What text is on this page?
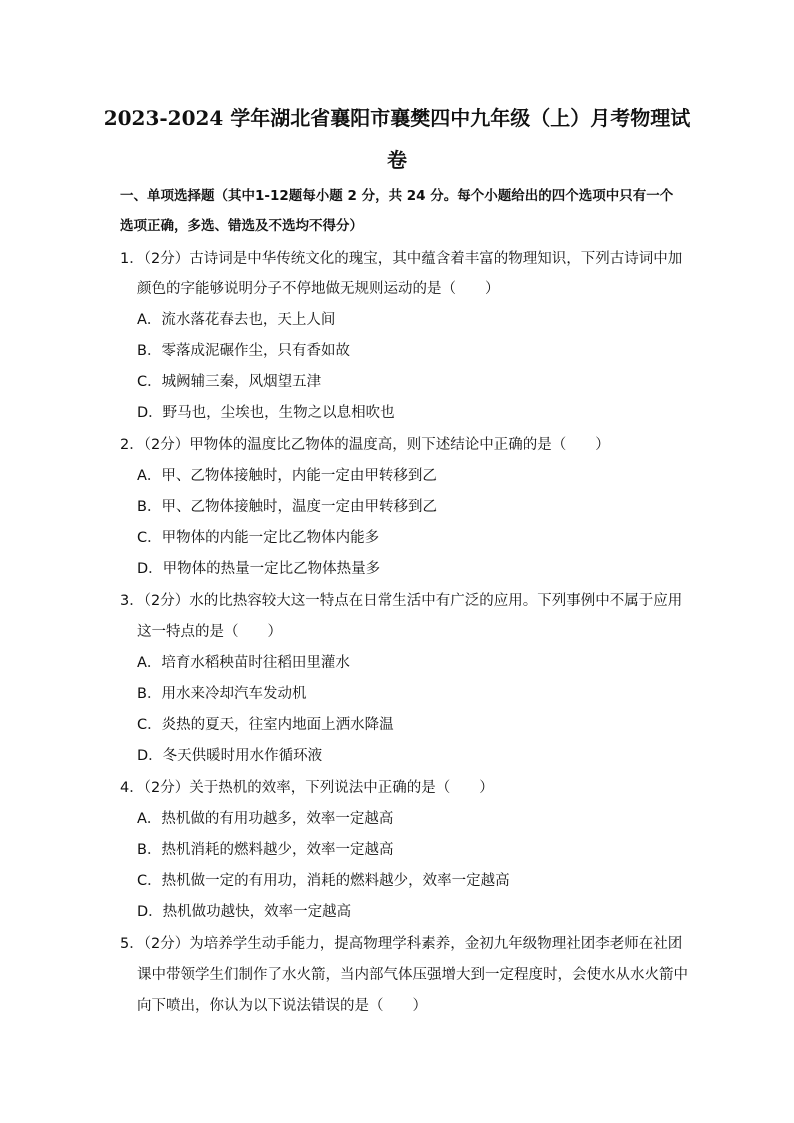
2023-2024 学年湖北省襄阳市襄樊四中九年级（上）月考物理试
卷
一、单项选择题（其中1-12题每小题 2 分，共 24 分。每个小题给出的四个选项中只有一个
选项正确，多选、错选及不选均不得分）
1．（2分）古诗词是中华传统文化的瑰宝，其中蕴含着丰富的物理知识，下列古诗词中加
颜色的字能够说明分子不停地做无规则运动的是（　　）
A．流水落花春去也，天上人间
B．零落成泥碾作尘，只有香如故
C．城阙辅三秦，风烟望五津
D．野马也，尘埃也，生物之以息相吹也
2．（2分）甲物体的温度比乙物体的温度高，则下述结论中正确的是（　　）
A．甲、乙物体接触时，内能一定由甲转移到乙
B．甲、乙物体接触时，温度一定由甲转移到乙
C．甲物体的内能一定比乙物体内能多
D．甲物体的热量一定比乙物体热量多
3．（2分）水的比热容较大这一特点在日常生活中有广泛的应用。下列事例中不属于应用
这一特点的是（　　）
A．培育水稻秧苗时往稻田里灌水
B．用水来冷却汽车发动机
C．炎热的夏天，往室内地面上洒水降温
D．冬天供暖时用水作循环液
4．（2分）关于热机的效率，下列说法中正确的是（　　）
A．热机做的有用功越多，效率一定越高
B．热机消耗的燃料越少，效率一定越高
C．热机做一定的有用功，消耗的燃料越少，效率一定越高
D．热机做功越快，效率一定越高
5．（2分）为培养学生动手能力，提高物理学科素养，金初九年级物理社团李老师在社团
课中带领学生们制作了水火箭，当内部气体压强增大到一定程度时，会使水从水火箭中
向下喷出，你认为以下说法错误的是（　　）
